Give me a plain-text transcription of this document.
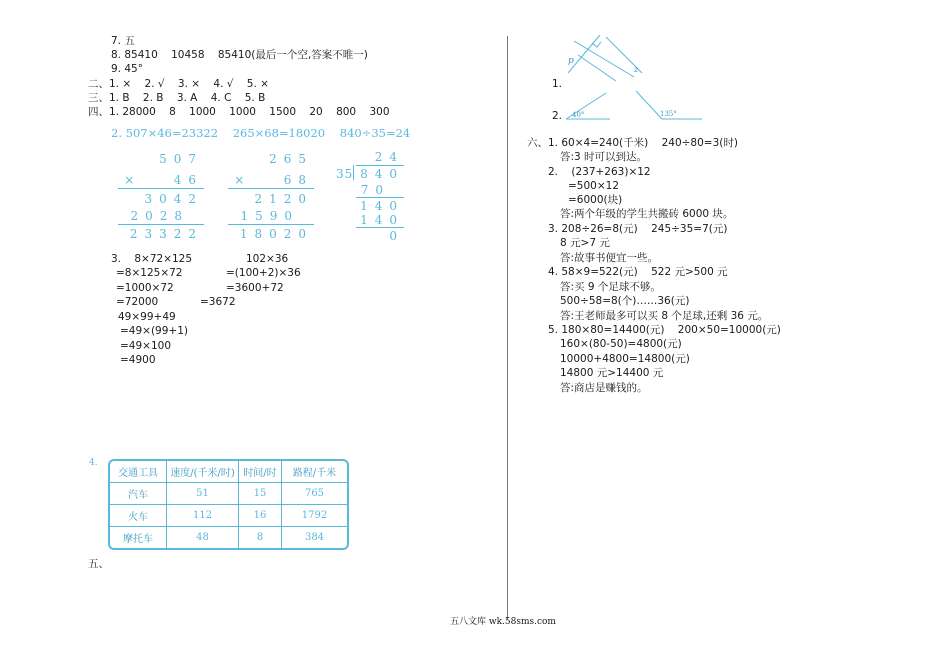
7. 五
8. 85410    10458    85410(最后一个空,答案不唯一)
9. 45°
二、1. ×    2. √    3. ×    4. √    5. ×
三、1. B    2. B    3. A    4. C    5. B
四、1. 28000    8    1000    1000    1500    20    800    300
2. 507×46=23322    265×68=18020    840÷35=24
507
×   46
3042
2028
23322
265
×   68
2120
1590
18020
24
35 840
70
140
140
0
3.    8×72×125	102×36
=8×125×72	=(100+2)×36
=1000×72	=3600+72
=72000	=3672
49×99+49
=49×(99+1)
=49×100
=4900
4.
交通工具	速度/(千米/时)	时间/时	路程/千米
汽车	51	15	765
火车	112	16	1792
摩托车	48	8	384
五、
p
z
40°	135°
1.
2.
六、1. 60×4=240(千米)    240÷80=3(时)
答:3 时可以到达。
2.    (237+263)×12
=500×12
=6000(块)
答:两个年级的学生共搬砖 6000 块。
3. 208÷26=8(元)    245÷35=7(元)
8 元>7 元
答:故事书便宜一些。
4. 58×9=522(元)    522 元>500 元
答:买 9 个足球不够。
500÷58=8(个)……36(元)
答:王老师最多可以买 8 个足球,还剩 36 元。
5. 180×80=14400(元)    200×50=10000(元)
160×(80-50)=4800(元)
10000+4800=14800(元)
14800 元>14400 元
答:商店是赚钱的。
五八文库 wk.58sms.com
